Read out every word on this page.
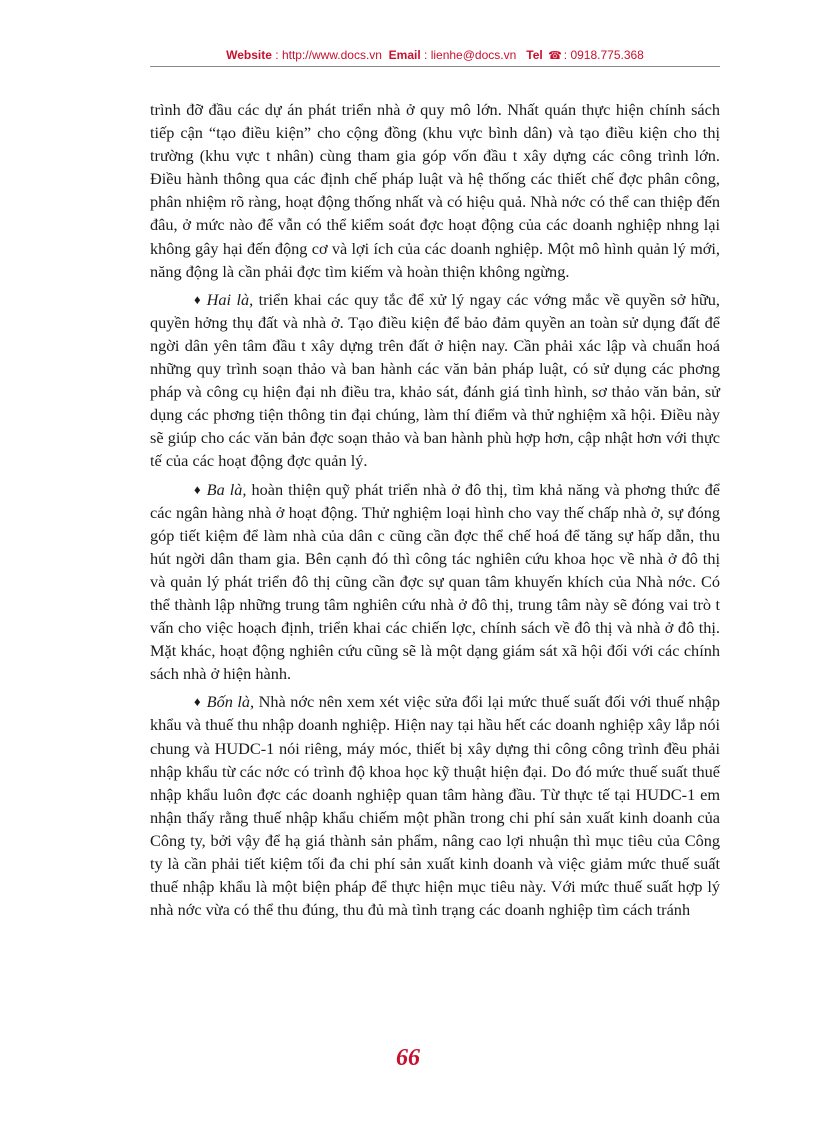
Website : http://www.docs.vn Email : lienhe@docs.vn Tel ☎ : 0918.775.368

trình đỡ đầu các dự án phát triển nhà ở quy mô lớn. Nhất quán thực hiện chính sách tiếp cận “tạo điều kiện” cho cộng đồng (khu vực bình dân) và tạo điều kiện cho thị trường (khu vực t nhân) cùng tham gia góp vốn đầu t xây dựng các công trình lớn. Điều hành thông qua các định chế pháp luật và hệ thống các thiết chế đợc phân công, phân nhiệm rõ ràng, hoạt động thống nhất và có hiệu quả. Nhà nớc có thể can thiệp đến đâu, ở mức nào để vẫn có thể kiểm soát đợc hoạt động của các doanh nghiệp nhng lại không gây hại đến động cơ và lợi ích của các doanh nghiệp. Một mô hình quản lý mới, năng động là cần phải đợc tìm kiếm và hoàn thiện không ngừng.

♦ Hai là, triển khai các quy tắc để xử lý ngay các vớng mắc về quyền sở hữu, quyền hởng thụ đất và nhà ở. Tạo điều kiện để bảo đảm quyền an toàn sử dụng đất để ngời dân yên tâm đầu t xây dựng trên đất ở hiện nay. Cần phải xác lập và chuẩn hoá những quy trình soạn thảo và ban hành các văn bản pháp luật, có sử dụng các phơng pháp và công cụ hiện đại nh điều tra, khảo sát, đánh giá tình hình, sơ thảo văn bản, sử dụng các phơng tiện thông tin đại chúng, làm thí điểm và thử nghiệm xã hội. Điều này sẽ giúp cho các văn bản đợc soạn thảo và ban hành phù hợp hơn, cập nhật hơn với thực tế của các hoạt động đợc quản lý.

♦ Ba là, hoàn thiện quỹ phát triển nhà ở đô thị, tìm khả năng và phơng thức để các ngân hàng nhà ở hoạt động. Thử nghiệm loại hình cho vay thế chấp nhà ở, sự đóng góp tiết kiệm để làm nhà của dân c cũng cần đợc thể chế hoá để tăng sự hấp dẫn, thu hút ngời dân tham gia. Bên cạnh đó thì công tác nghiên cứu khoa học về nhà ở đô thị và quản lý phát triển đô thị cũng cần đợc sự quan tâm khuyến khích của Nhà nớc. Có thể thành lập những trung tâm nghiên cứu nhà ở đô thị, trung tâm này sẽ đóng vai trò t vấn cho việc hoạch định, triển khai các chiến lợc, chính sách về đô thị và nhà ở đô thị. Mặt khác, hoạt động nghiên cứu cũng sẽ là một dạng giám sát xã hội đối với các chính sách nhà ở hiện hành.

♦ Bốn là, Nhà nớc nên xem xét việc sửa đổi lại mức thuế suất đối với thuế nhập khẩu và thuế thu nhập doanh nghiệp. Hiện nay tại hầu hết các doanh nghiệp xây lắp nói chung và HUDC-1 nói riêng, máy móc, thiết bị xây dựng thi công công trình đều phải nhập khẩu từ các nớc có trình độ khoa học kỹ thuật hiện đại. Do đó mức thuế suất thuế nhập khẩu luôn đợc các doanh nghiệp quan tâm hàng đầu. Từ thực tế tại HUDC-1 em nhận thấy rằng thuế nhập khẩu chiếm một phần trong chi phí sản xuất kinh doanh của Công ty, bởi vậy để hạ giá thành sản phẩm, nâng cao lợi nhuận thì mục tiêu của Công ty là cần phải tiết kiệm tối đa chi phí sản xuất kinh doanh và việc giảm mức thuế suất thuế nhập khẩu là một biện pháp để thực hiện mục tiêu này. Với mức thuế suất hợp lý nhà nớc vừa có thể thu đúng, thu đủ mà tình trạng các doanh nghiệp tìm cách tránh

66
